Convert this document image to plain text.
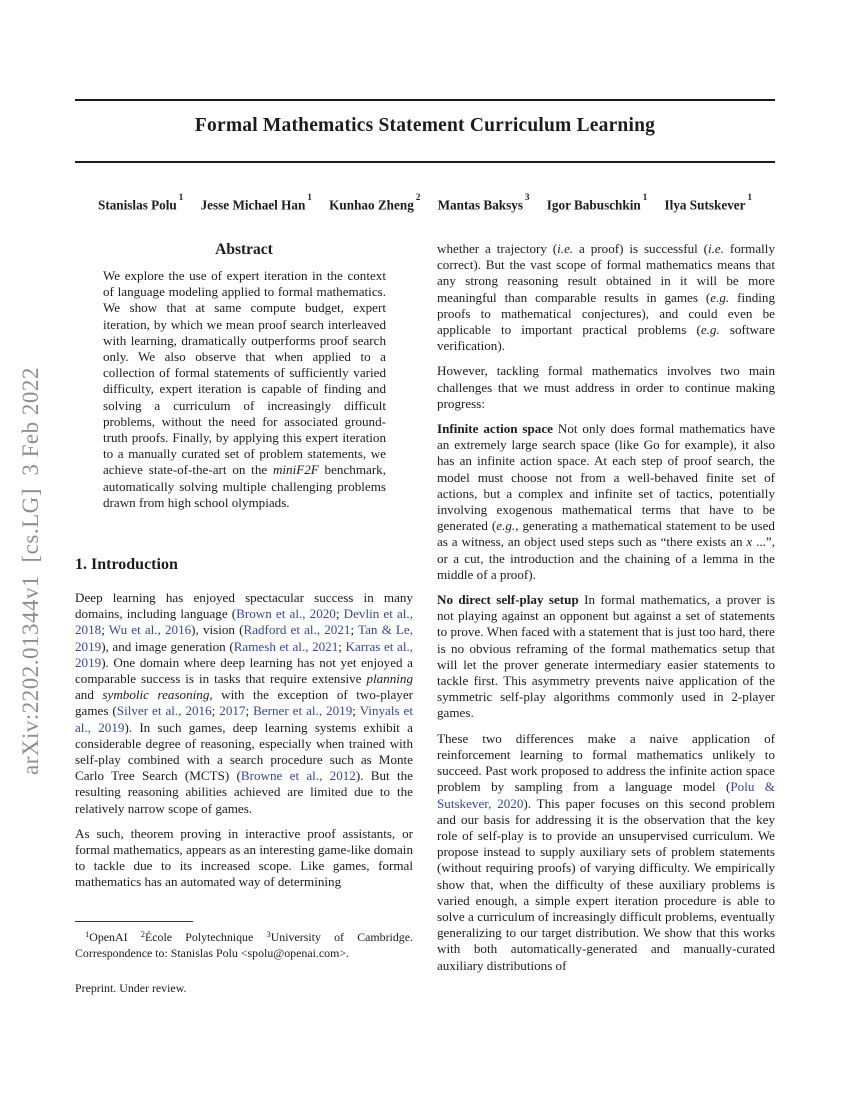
arXiv:2202.01344v1  [cs.LG]  3 Feb 2022
Formal Mathematics Statement Curriculum Learning
Stanislas Polu$^1$ Jesse Michael Han$^1$ Kunhao Zheng$^2$ Mantas Baksys$^3$ Igor Babuschkin$^1$ Ilya Sutskever$^1$
Abstract
We explore the use of expert iteration in the context of language modeling applied to formal mathematics. We show that at same compute budget, expert iteration, by which we mean proof search interleaved with learning, dramatically outperforms proof search only. We also observe that when applied to a collection of formal statements of sufficiently varied difficulty, expert iteration is capable of finding and solving a curriculum of increasingly difficult problems, without the need for associated ground-truth proofs. Finally, by applying this expert iteration to a manually curated set of problem statements, we achieve state-of-the-art on the miniF2F benchmark, automatically solving multiple challenging problems drawn from high school olympiads.
1. Introduction

Deep learning has enjoyed spectacular success in many domains, including language (Brown et al., 2020; Devlin et al., 2018; Wu et al., 2016), vision (Radford et al., 2021; Tan & Le, 2019), and image generation (Ramesh et al., 2021; Karras et al., 2019). One domain where deep learning has not yet enjoyed a comparable success is in tasks that require extensive planning and symbolic reasoning, with the exception of two-player games (Silver et al., 2016; 2017; Berner et al., 2019; Vinyals et al., 2019). In such games, deep learning systems exhibit a considerable degree of reasoning, especially when trained with self-play combined with a search procedure such as Monte Carlo Tree Search (MCTS) (Browne et al., 2012). But the resulting reasoning abilities achieved are limited due to the relatively narrow scope of games.

As such, theorem proving in interactive proof assistants, or formal mathematics, appears as an interesting game-like domain to tackle due to its increased scope. Like games, formal mathematics has an automated way of determining

$^1$OpenAI $^2$École Polytechnique $^3$University of Cambridge. Correspondence to: Stanislas Polu <spolu@openai.com>.
Preprint. Under review.

whether a trajectory (i.e. a proof) is successful (i.e. formally correct). But the vast scope of formal mathematics means that any strong reasoning result obtained in it will be more meaningful than comparable results in games (e.g. finding proofs to mathematical conjectures), and could even be applicable to important practical problems (e.g. software verification).

However, tackling formal mathematics involves two main challenges that we must address in order to continue making progress:

Infinite action space Not only does formal mathematics have an extremely large search space (like Go for example), it also has an infinite action space. At each step of proof search, the model must choose not from a well-behaved finite set of actions, but a complex and infinite set of tactics, potentially involving exogenous mathematical terms that have to be generated (e.g., generating a mathematical statement to be used as a witness, an object used steps such as “there exists an x ...”, or a cut, the introduction and the chaining of a lemma in the middle of a proof).

No direct self-play setup In formal mathematics, a prover is not playing against an opponent but against a set of statements to prove. When faced with a statement that is just too hard, there is no obvious reframing of the formal mathematics setup that will let the prover generate intermediary easier statements to tackle first. This asymmetry prevents naive application of the symmetric self-play algorithms commonly used in 2-player games.

These two differences make a naive application of reinforcement learning to formal mathematics unlikely to succeed. Past work proposed to address the infinite action space problem by sampling from a language model (Polu & Sutskever, 2020). This paper focuses on this second problem and our basis for addressing it is the observation that the key role of self-play is to provide an unsupervised curriculum. We propose instead to supply auxiliary sets of problem statements (without requiring proofs) of varying difficulty. We empirically show that, when the difficulty of these auxiliary problems is varied enough, a simple expert iteration procedure is able to solve a curriculum of increasingly difficult problems, eventually generalizing to our target distribution. We show that this works with both automatically-generated and manually-curated auxiliary distributions of
